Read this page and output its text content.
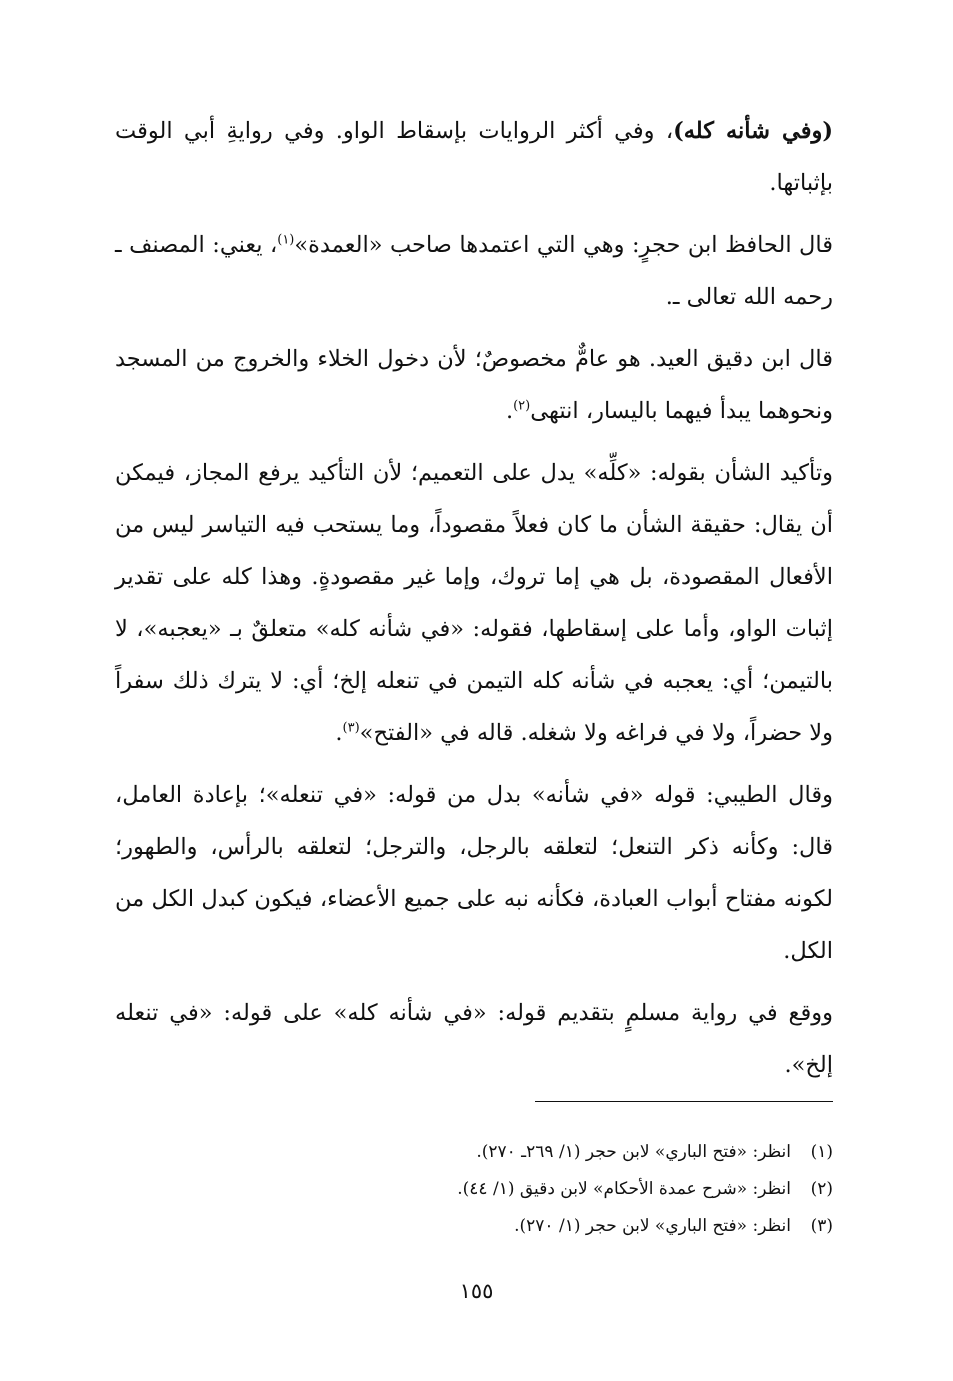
(وفي شأنه كله)، وفي أكثر الروايات بإسقاط الواو. وفي روايةِ أبي الوقت بإثباتها.

قال الحافظ ابن حجرٍ: وهي التي اعتمدها صاحب «العمدة»$^{(١)}$، يعني: المصنف ـ رحمه الله تعالى ـ.

قال ابن دقيق العيد. هو عامٌّ مخصوصٌ؛ لأن دخول الخلاء والخروج من المسجد ونحوهما يبدأ فيهما باليسار، انتهى$^{(٢)}$.

وتأكيد الشأن بقوله: «كلِّه» يدل على التعميم؛ لأن التأكيد يرفع المجاز، فيمكن أن يقال: حقيقة الشأن ما كان فعلاً مقصوداً، وما يستحب فيه التياسر ليس من الأفعال المقصودة، بل هي إما تروك، وإما غير مقصودةٍ. وهذا كله على تقدير إثبات الواو، وأما على إسقاطها، فقوله: «في شأنه كله» متعلقٌ بـ «يعجبه»، لا بالتيمن؛ أي: يعجبه في شأنه كله التيمن في تنعله إلخ؛ أي: لا يترك ذلك سفراً ولا حضراً، ولا في فراغه ولا شغله. قاله في «الفتح»$^{(٣)}$.

وقال الطيبي: قوله «في شأنه» بدل من قوله: «في تنعله»؛ بإعادة العامل، قال: وكأنه ذكر التنعل؛ لتعلقه بالرجل، والترجل؛ لتعلقه بالرأس، والطهور؛ لكونه مفتاح أبواب العبادة، فكأنه نبه على جميع الأعضاء، فيكون كبدل الكل من الكل.

ووقع في رواية مسلمٍ بتقديم قوله: «في شأنه كله» على قوله: «في تنعله إلخ».

(١)انظر: «فتح الباري» لابن حجر (١/ ٢٦٩ـ ٢٧٠).
(٢)انظر: «شرح عمدة الأحكام» لابن دقيق (١/ ٤٤).
(٣)انظر: «فتح الباري» لابن حجر (١/ ٢٧٠).
١٥٥
